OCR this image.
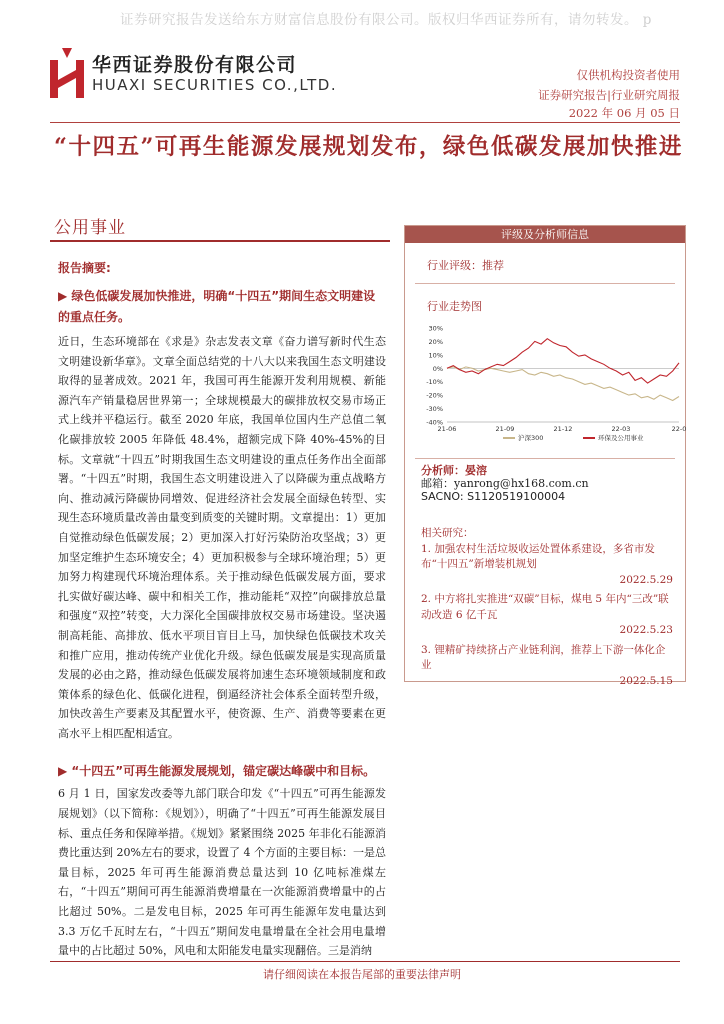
证券研究报告发送给东方财富信息股份有限公司。版权归华西证券所有，请勿转发。 p
华西证券股份有限公司
HUAXI SECURITIES CO.,LTD.
仅供机构投资者使用
证券研究报告|行业研究周报
2022 年 06 月 05 日
“十四五”可再生能源发展规划发布，绿色低碳发展加快推进
公用事业
报告摘要:
▶ 绿色低碳发展加快推进，明确“十四五”期间生态文明建设的重点任务。

近日，生态环境部在《求是》杂志发表文章《奋力谱写新时代生态文明建设新华章》。文章全面总结党的十八大以来我国生态文明建设取得的显著成效。2021 年，我国可再生能源开发利用规模、新能源汽车产销量稳居世界第一；全球规模最大的碳排放权交易市场正式上线并平稳运行。截至 2020 年底，我国单位国内生产总值二氧化碳排放较 2005 年降低 48.4%，超额完成下降 40%-45%的目标。文章就“十四五”时期我国生态文明建设的重点任务作出全面部署。“十四五”时期，我国生态文明建设进入了以降碳为重点战略方向、推动减污降碳协同增效、促进经济社会发展全面绿色转型、实现生态环境质量改善由量变到质变的关键时期。文章提出：1）更加自觉推动绿色低碳发展；2）更加深入打好污染防治攻坚战；3）更加坚定维护生态环境安全；4）更加积极参与全球环境治理；5）更加努力构建现代环境治理体系。关于推动绿色低碳发展方面，要求扎实做好碳达峰、碳中和相关工作，推动能耗“双控”向碳排放总量和强度“双控”转变，大力深化全国碳排放权交易市场建设。坚决遏制高耗能、高排放、低水平项目盲目上马，加快绿色低碳技术攻关和推广应用，推动传统产业优化升级。绿色低碳发展是实现高质量发展的必由之路，推动绿色低碳发展将加速生态环境领域制度和政策体系的绿色化、低碳化进程，倒逼经济社会体系全面转型升级，加快改善生产要素及其配置水平，使资源、生产、消费等要素在更高水平上相匹配相适宜。

▶ “十四五”可再生能源发展规划，锚定碳达峰碳中和目标。

6 月 1 日，国家发改委等九部门联合印发《“十四五”可再生能源发展规划》（以下简称：《规划》），明确了“十四五”可再生能源发展目标、重点任务和保障举措。《规划》紧紧围绕 2025 年非化石能源消费比重达到 20%左右的要求，设置了 4 个方面的主要目标：一是总量目标，2025 年可再生能源消费总量达到 10 亿吨标准煤左右，“十四五”期间可再生能源消费增量在一次能源消费增量中的占比超过 50%。二是发电目标，2025 年可再生能源年发电量达到 3.3 万亿千瓦时左右，“十四五”期间发电量增量在全社会用电量增量中的占比超过 50%，风电和太阳能发电量实现翻倍。三是消纳

评级及分析师信息
行业评级：推荐
行业走势图
30%
20%
10%
0%
-10%
-20%
-30%
-40%
21-06	21-09	21-12	22-03	22-0
沪深300	环保及公用事业
分析师：晏溶
邮箱：yanrong@hx168.com.cn
SACNO: S1120519100004
相关研究：
1. 加强农村生活垃圾收运处置体系建设，多省市发布“十四五”新增装机规划
2022.5.29
2. 中方将扎实推进“双碳”目标，煤电 5 年内“三改”联动改造 6 亿千瓦
2022.5.23
3. 锂精矿持续挤占产业链利润，推荐上下游一体化企业
2022.5.15
请仔细阅读在本报告尾部的重要法律声明
